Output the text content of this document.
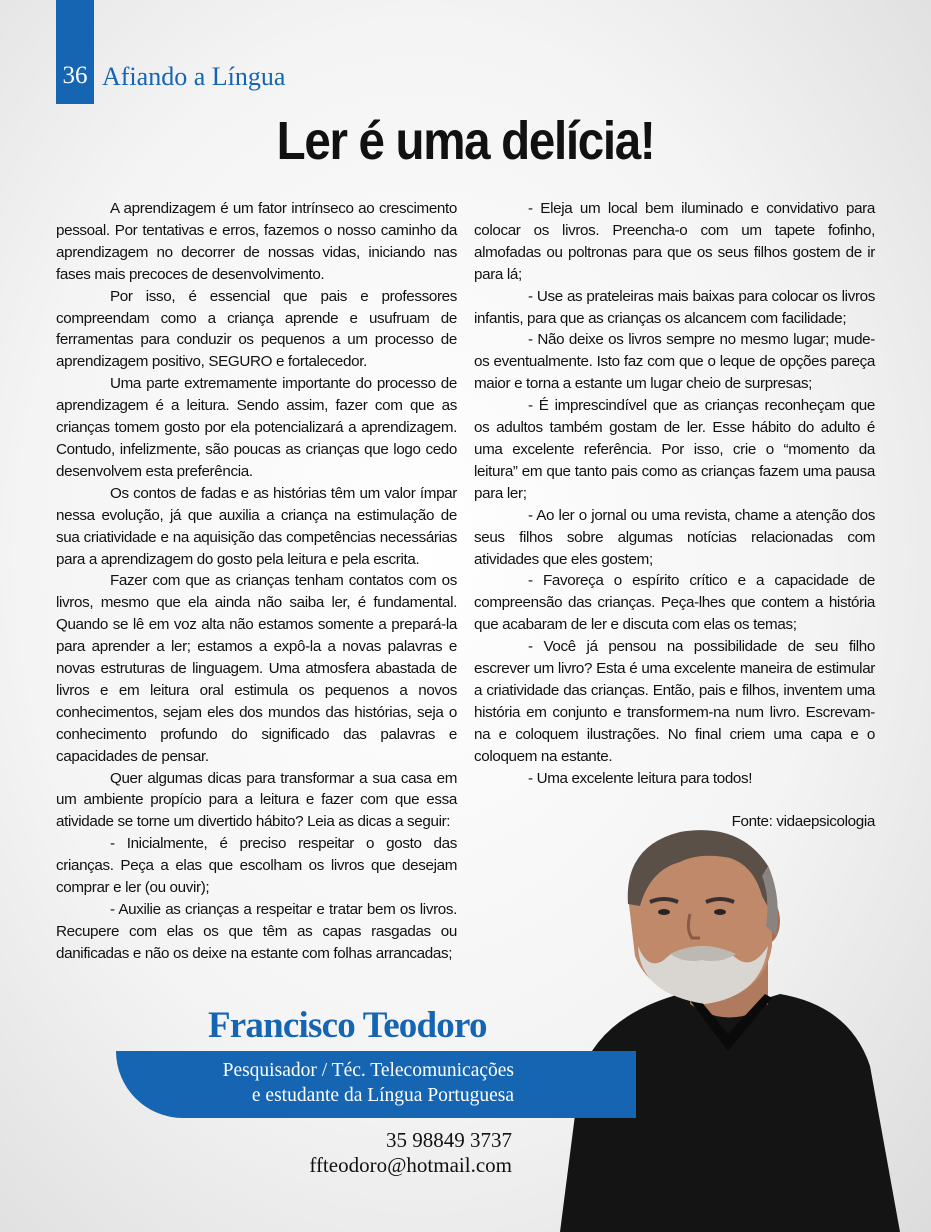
36 Afiando a Língua
Ler é uma delícia!

A aprendizagem é um fator intrínseco ao crescimento pessoal. Por tentativas e erros, fazemos o nosso caminho da aprendizagem no decorrer de nossas vidas, iniciando nas fases mais precoces de desenvolvimento.

Por isso, é essencial que pais e professores compreendam como a criança aprende e usufruam de ferramentas para conduzir os pequenos a um processo de aprendizagem positivo, SEGURO e fortalecedor.

Uma parte extremamente importante do processo de aprendizagem é a leitura. Sendo assim, fazer com que as crianças tomem gosto por ela potencializará a aprendizagem. Contudo, infelizmente, são poucas as crianças que logo cedo desenvolvem esta preferência.

Os contos de fadas e as histórias têm um valor ímpar nessa evolução, já que auxilia a criança na estimulação de sua criatividade e na aquisição das competências necessárias para a aprendizagem do gosto pela leitura e pela escrita.

Fazer com que as crianças tenham contatos com os livros, mesmo que ela ainda não saiba ler, é fundamental. Quando se lê em voz alta não estamos somente a prepará-la para aprender a ler; estamos a expô-la a novas palavras e novas estruturas de linguagem. Uma atmosfera abastada de livros e em leitura oral estimula os pequenos a novos conhecimentos, sejam eles dos mundos das histórias, seja o conhecimento profundo do significado das palavras e capacidades de pensar.

Quer algumas dicas para transformar a sua casa em um ambiente propício para a leitura e fazer com que essa atividade se torne um divertido hábito? Leia as dicas a seguir:

- Inicialmente, é preciso respeitar o gosto das crianças. Peça a elas que escolham os livros que desejam comprar e ler (ou ouvir);

- Auxilie as crianças a respeitar e tratar bem os livros. Recupere com elas os que têm as capas rasgadas ou danificadas e não os deixe na estante com folhas arrancadas;

- Eleja um local bem iluminado e convidativo para colocar os livros. Preencha-o com um tapete fofinho, almofadas ou poltronas para que os seus filhos gostem de ir para lá;

- Use as prateleiras mais baixas para colocar os livros infantis, para que as crianças os alcancem com facilidade;

- Não deixe os livros sempre no mesmo lugar; mude-os eventualmente. Isto faz com que o leque de opções pareça maior e torna a estante um lugar cheio de surpresas;

- É imprescindível que as crianças reconheçam que os adultos também gostam de ler. Esse hábito do adulto é uma excelente referência. Por isso, crie o “momento da leitura” em que tanto pais como as crianças fazem uma pausa para ler;

- Ao ler o jornal ou uma revista, chame a atenção dos seus filhos sobre algumas notícias relacionadas com atividades que eles gostem;

- Favoreça o espírito crítico e a capacidade de compreensão das crianças. Peça-lhes que contem a história que acabaram de ler e discuta com elas os temas;

- Você já pensou na possibilidade de seu filho escrever um livro? Esta é uma excelente maneira de estimular a criatividade das crianças. Então, pais e filhos, inventem uma história em conjunto e transformem-na num livro. Escrevam-na e coloquem ilustrações. No final criem uma capa e o coloquem na estante.

- Uma excelente leitura para todos!

Fonte: vidaepsicologia

Francisco Teodoro
Pesquisador / Téc. Telecomunicações
e estudante da Língua Portuguesa
35 98849 3737
ffteodoro@hotmail.com
